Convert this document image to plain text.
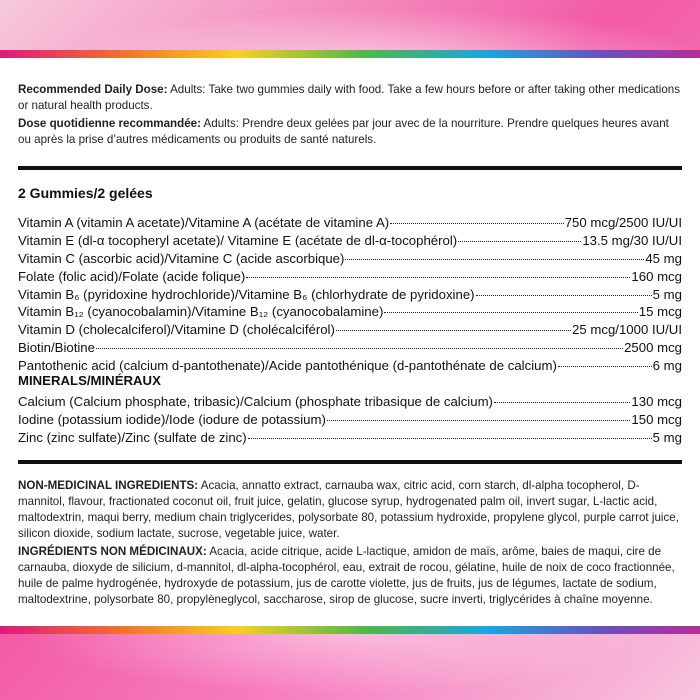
Recommended Daily Dose: Adults: Take two gummies daily with food. Take a few hours before or after taking other medications or natural health products.

Dose quotidienne recommandée: Adults: Prendre deux gelées par jour avec de la nourriture. Prendre quelques heures avant ou après la prise d’autres médicaments ou produits de santé naturels.

2 Gummies/2 gelées
Vitamin A (vitamin A acetate)/Vitamine A (acétate de vitamine A)	750 mcg/2500 IU/UI
Vitamin E (dl-α tocopheryl acetate)/ Vitamine E (acétate de dl-α-tocophérol)	13.5 mg/30 IU/UI
Vitamin C (ascorbic acid)/Vitamine C (acide ascorbique)	45 mg
Folate (folic acid)/Folate (acide folique)	160 mcg
Vitamin B₆ (pyridoxine hydrochloride)/Vitamine B₆ (chlorhydrate de pyridoxine)	5 mg
Vitamin B₁₂ (cyanocobalamin)/Vitamine B₁₂ (cyanocobalamine)	15 mcg
Vitamin D (cholecalciferol)/Vitamine D (cholécalciférol)	25 mcg/1000 IU/UI
Biotin/Biotine	2500 mcg
Pantothenic acid (calcium d-pantothenate)/Acide pantothénique (d-pantothénate de calcium)	6 mg
MINERALS/MINÉRAUX
Calcium (Calcium phosphate, tribasic)/Calcium (phosphate tribasique de calcium)	130 mcg
Iodine (potassium iodide)/Iode (iodure de potassium)	150 mcg
Zinc (zinc sulfate)/Zinc (sulfate de zinc)	5 mg

NON-MEDICINAL INGREDIENTS: Acacia, annatto extract, carnauba wax, citric acid, corn starch, dl-alpha tocopherol, D-mannitol, flavour, fractionated coconut oil, fruit juice, gelatin, glucose syrup, hydrogenated palm oil, invert sugar, L-lactic acid, maltodextrin, maqui berry, medium chain triglycerides, polysorbate 80, potassium hydroxide, propylene glycol, purple carrot juice, silicon dioxide, sodium lactate, sucrose, vegetable juice, water.

INGRÉDIENTS NON MÉDICINAUX: Acacia, acide citrique, acide L-lactique, amidon de maïs, arôme, baies de maqui, cire de carnauba, dioxyde de silicium, d-mannitol, dl-alpha-tocophérol, eau, extrait de rocou, gélatine, huile de noix de coco fractionnée, huile de palme hydrogénée, hydroxyde de potassium, jus de carotte violette, jus de fruits, jus de légumes, lactate de sodium, maltodextrine, polysorbate 80, propylèneglycol, saccharose, sirop de glucose, sucre inverti, triglycérides à chaîne moyenne.
